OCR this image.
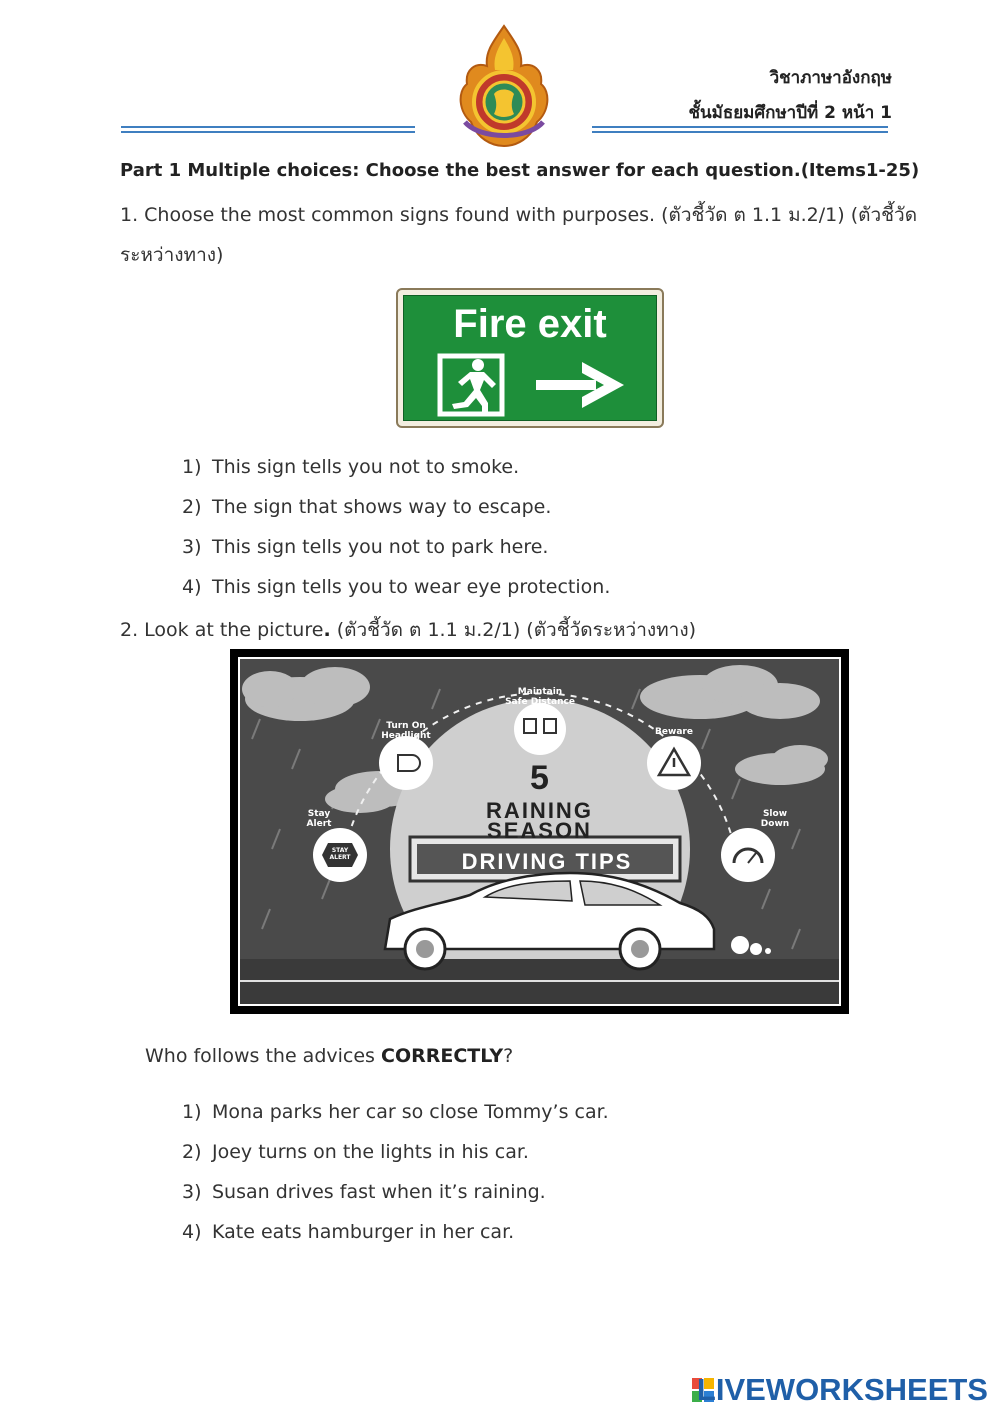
วิชาภาษาอังกฤษ
ชั้นมัธยมศึกษาปีที่ 2 หน้า 1
Part 1 Multiple choices: Choose the best answer for each question.(Items1-25)
1. Choose the most common signs found with purposes. (ตัวชี้วัด ต 1.1 ม.2/1) (ตัวชี้วัด
ระหว่างทาง)
Fire exit
1) This sign tells you not to smoke.
2) The sign that shows way to escape.
3) This sign tells you not to park here.
4) This sign tells you to wear eye protection.
2. Look at the picture. (ตัวชี้วัด ต 1.1 ม.2/1) (ตัวชี้วัดระหว่างทาง)
5
RAINING
SEASON
DRIVING TIPS
Maintain
Safe Distance
Turn On
Headlight	Beware
Stay
Alert
Slow
Down
STAY
ALERT
Who follows the advices CORRECTLY?
1) Mona parks her car so close Tommy’s car.
2) Joey turns on the lights in his car.
3) Susan drives fast when it’s raining.
4) Kate eats hamburger in her car.
LIVEWORKSHEETS
